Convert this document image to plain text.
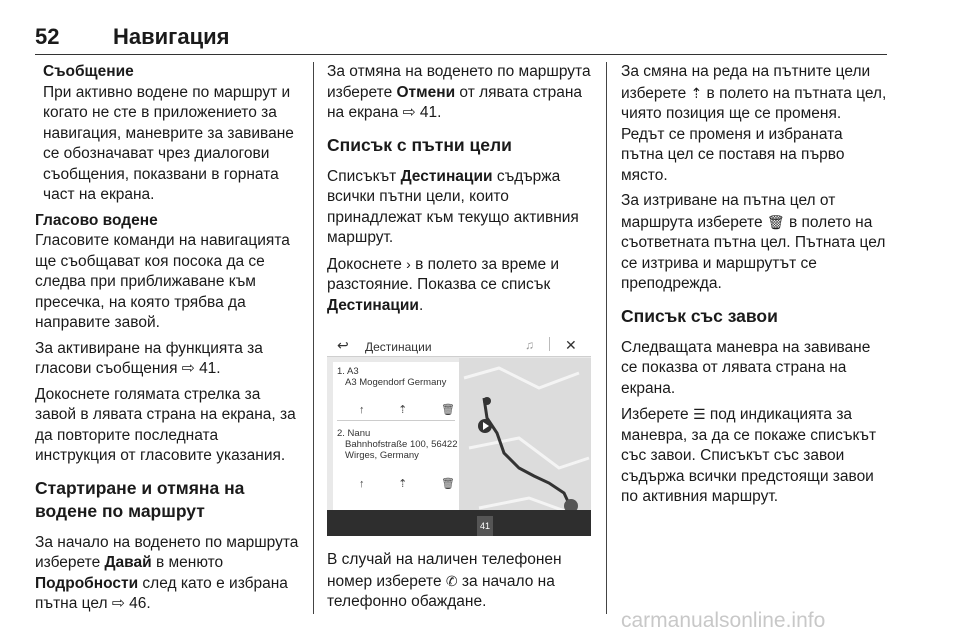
52 Навигация
Съобщение

При активно водене по маршрут и когато не сте в приложението за навигация, маневрите за завиване се обозначават чрез диалогови съобщения, показвани в горната част на екрана.

Гласово водене

Гласовите команди на навигацията ще съобщават коя посока да се следва при приближаване към пресечка, на която трябва да направите завой.

За активиране на функцията за гласови съобщения ⇨ 41.

Докоснете голямата стрелка за завой в лявата страна на екрана, за да повторите последната инструкция от гласовите указания.

Стартиране и отмяна на водене по маршрут

За начало на воденето по маршрута изберете Давай в менюто Подробности след като е избрана пътна цел ⇨ 46.

За отмяна на воденето по маршрута изберете Отмени от лявата страна на екрана ⇨ 41.

Списък с пътни цели

Списъкът Дестинации съдържа всички пътни цели, които принадлежат към текущо активния маршрут.

Докоснете › в полето за време и разстояние. Показва се списък Дестинации.

↩ Дестинации	♫ ✕
1. A3
A3 Mogendorf Germany
↑	⇡	🗑
2. Nanu
Bahnhofstraße 100, 56422
Wirges, Germany
↑	⇡	🗑
41

В случай на наличен телефонен номер изберете ✆ за начало на телефонно обаждане.

За смяна на реда на пътните цели изберете ⇡ в полето на пътната цел, чиято позиция ще се променя. Редът се променя и избраната пътна цел се поставя на първо място.

За изтриване на пътна цел от маршрута изберете 🗑 в полето на съответната пътна цел. Пътната цел се изтрива и маршрутът се преподрежда.

Списък със завои

Следващата маневра на завиване се показва от лявата страна на екрана.

Изберете ☰ под индикацията за маневра, за да се покаже списъкът със завои. Списъкът със завои съдържа всички предстоящи завои по активния маршрут.

carmanualsonline.info
